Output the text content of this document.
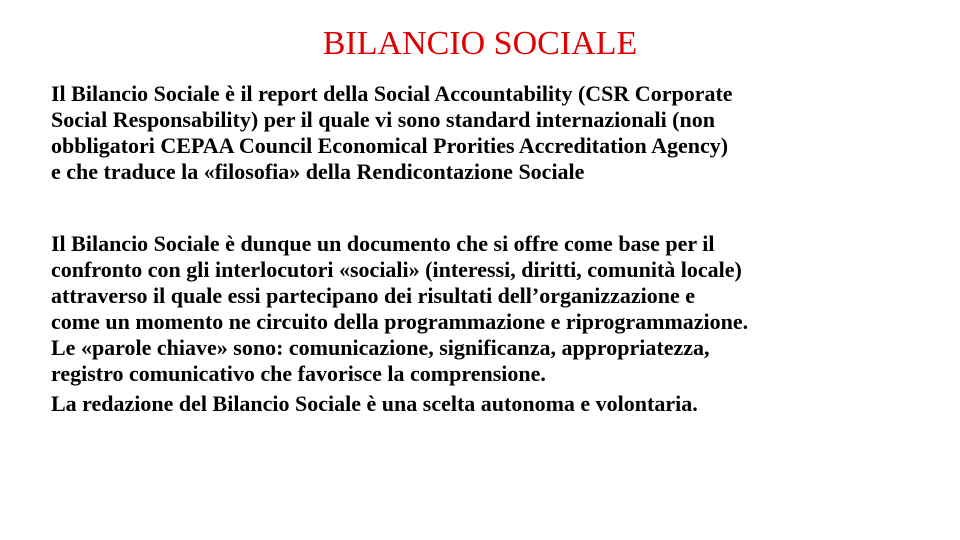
BILANCIO SOCIALE

Il Bilancio Sociale è il report della Social Accountability (CSR Corporate
Social Responsability) per il quale vi sono standard internazionali (non
obbligatori CEPAA Council Economical Prorities Accreditation Agency)
e che traduce la «filosofia» della Rendicontazione Sociale

Il Bilancio Sociale è dunque un documento che si offre come base per il
confronto con gli interlocutori «sociali» (interessi, diritti, comunità locale)
attraverso il quale essi partecipano dei risultati dell’organizzazione e
come un momento ne circuito della programmazione e riprogrammazione.
Le «parole chiave» sono: comunicazione, significanza, appropriatezza,
registro comunicativo che favorisce la comprensione.

La redazione del Bilancio Sociale è una scelta autonoma e volontaria.
